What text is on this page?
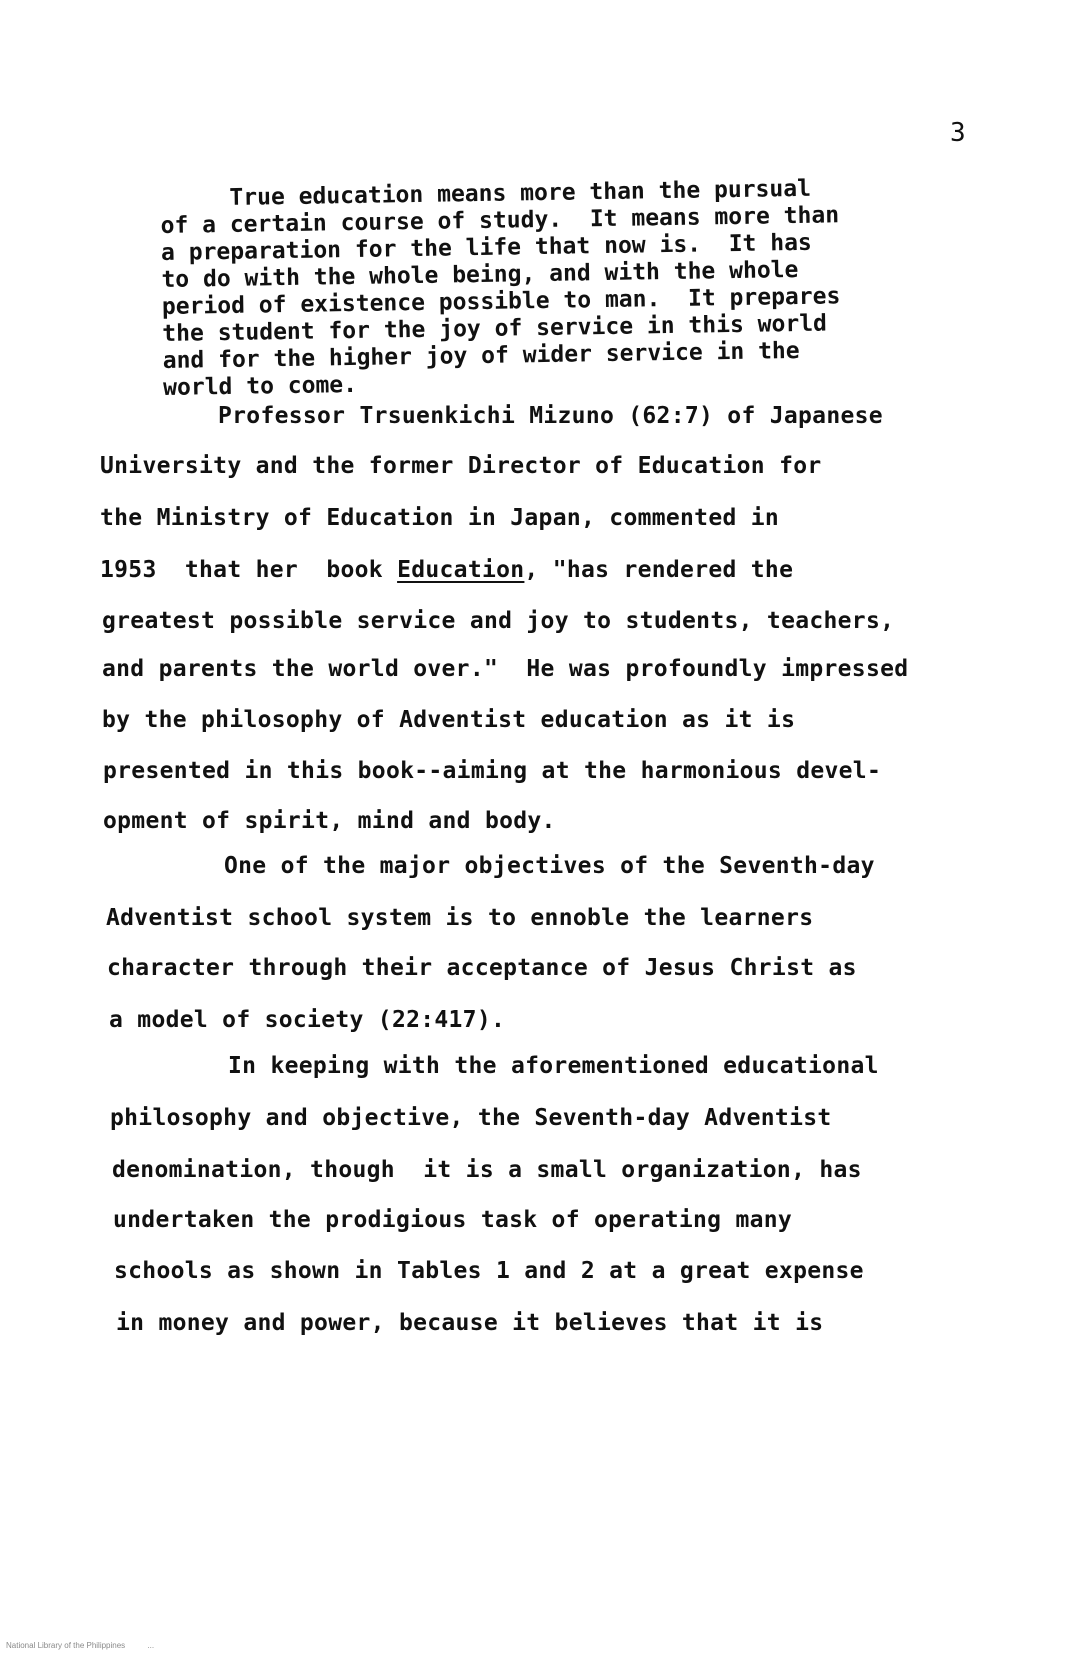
3
True education means more than the pursual
of a certain course of study.  It means more than
a preparation for the life that now is.  It has
to do with the whole being, and with the whole
period of existence possible to man.  It prepares
the student for the joy of service in this world
and for the higher joy of wider service in the
world to come.
Professor Trsuenkichi Mizuno (62:7) of Japanese
University and the former Director of Education for
the Ministry of Education in Japan, commented in
1953  that her  book Education, "has rendered the
greatest possible service and joy to students, teachers,
and parents the world over."  He was profoundly impressed
by the philosophy of Adventist education as it is
presented in this book--aiming at the harmonious devel-
opment of spirit, mind and body.
One of the major objectives of the Seventh-day
Adventist school system is to ennoble the learners
character through their acceptance of Jesus Christ as
a model of society (22:417).
In keeping with the aforementioned educational
philosophy and objective, the Seventh-day Adventist
denomination, though  it is a small organization, has
undertaken the prodigious task of operating many
schools as shown in Tables 1 and 2 at a great expense
in money and power, because it believes that it is
National Library of the Philippines          ...
